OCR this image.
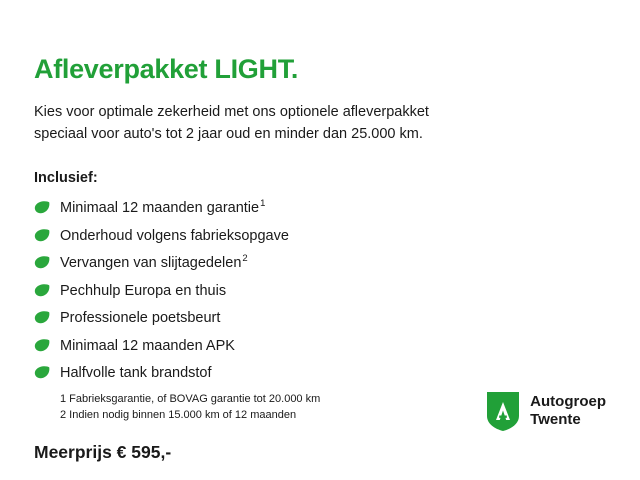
Afleverpakket LIGHT.

Kies voor optimale zekerheid met ons optionele afleverpakket
speciaal voor auto's tot 2 jaar oud en minder dan 25.000 km.

Inclusief:
Minimaal 12 maanden garantie$^1$
Onderhoud volgens fabrieksopgave
Vervangen van slijtagedelen$^2$
Pechhulp Europa en thuis
Professionele poetsbeurt
Minimaal 12 maanden APK
Halfvolle tank brandstof
1 Fabrieksgarantie, of BOVAG garantie tot 20.000 km
2 Indien nodig binnen 15.000 km of 12 maanden
Meerprijs € 595,-
Autogroep
Twente
